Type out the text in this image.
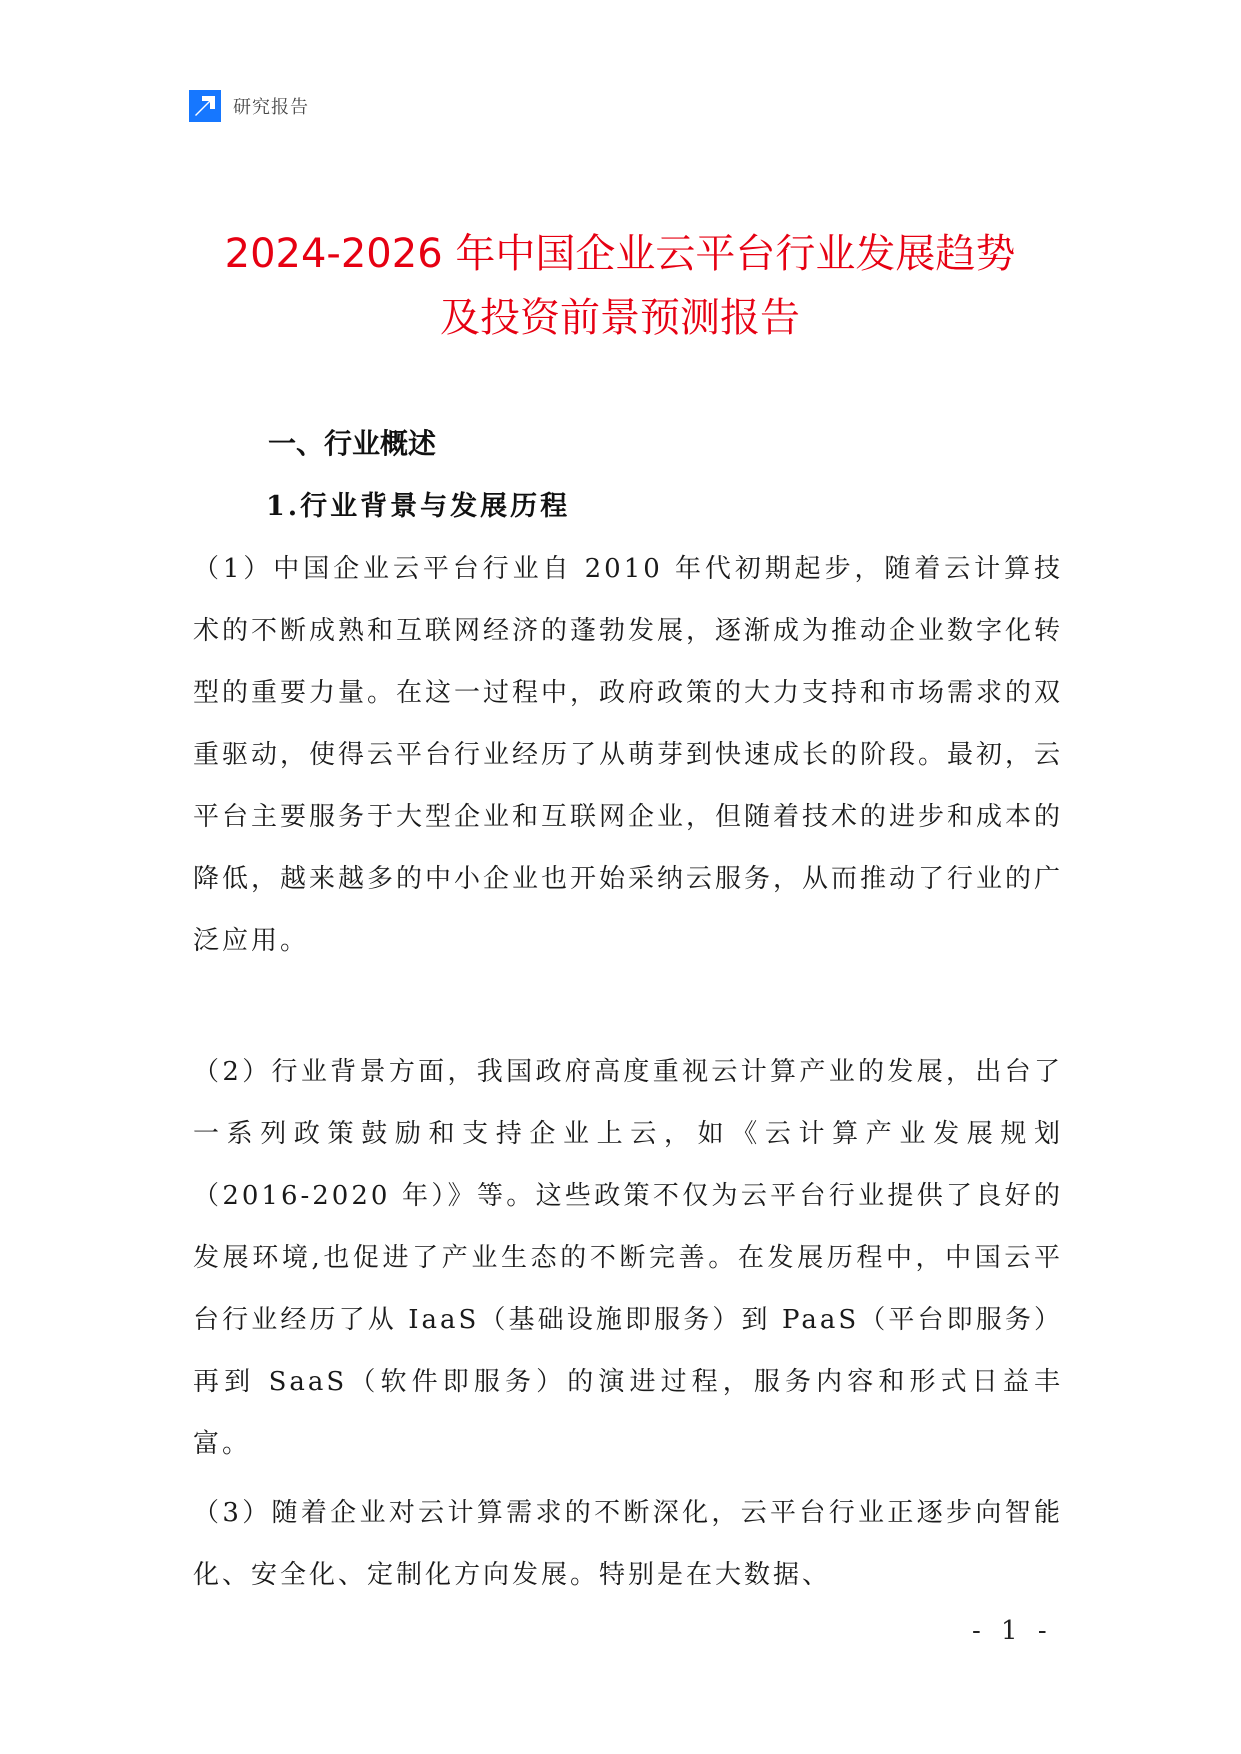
研究报告
2024-2026 年中国企业云平台行业发展趋势
及投资前景预测报告
一、行业概述
1.行业背景与发展历程

（1）中国企业云平台行业自 2010 年代初期起步，随着云计算技术的不断成熟和互联网经济的蓬勃发展，逐渐成为推动企业数字化转型的重要力量。在这一过程中，政府政策的大力支持和市场需求的双重驱动，使得云平台行业经历了从萌芽到快速成长的阶段。最初，云平台主要服务于大型企业和互联网企业，但随着技术的进步和成本的降低，越来越多的中小企业也开始采纳云服务，从而推动了行业的广泛应用。

（2）行业背景方面，我国政府高度重视云计算产业的发展，出台了一系列政策鼓励和支持企业上云，如《云计算产业发展规划（2016-2020 年）》等。这些政策不仅为云平台行业提供了良好的发展环境,也促进了产业生态的不断完善。在发展历程中，中国云平台行业经历了从 IaaS（基础设施即服务）到 PaaS（平台即服务）再到 SaaS（软件即服务）的演进过程，服务内容和形式日益丰富。

（3）随着企业对云计算需求的不断深化，云平台行业正逐步向智能化、安全化、定制化方向发展。特别是在大数据、

- 1 -
